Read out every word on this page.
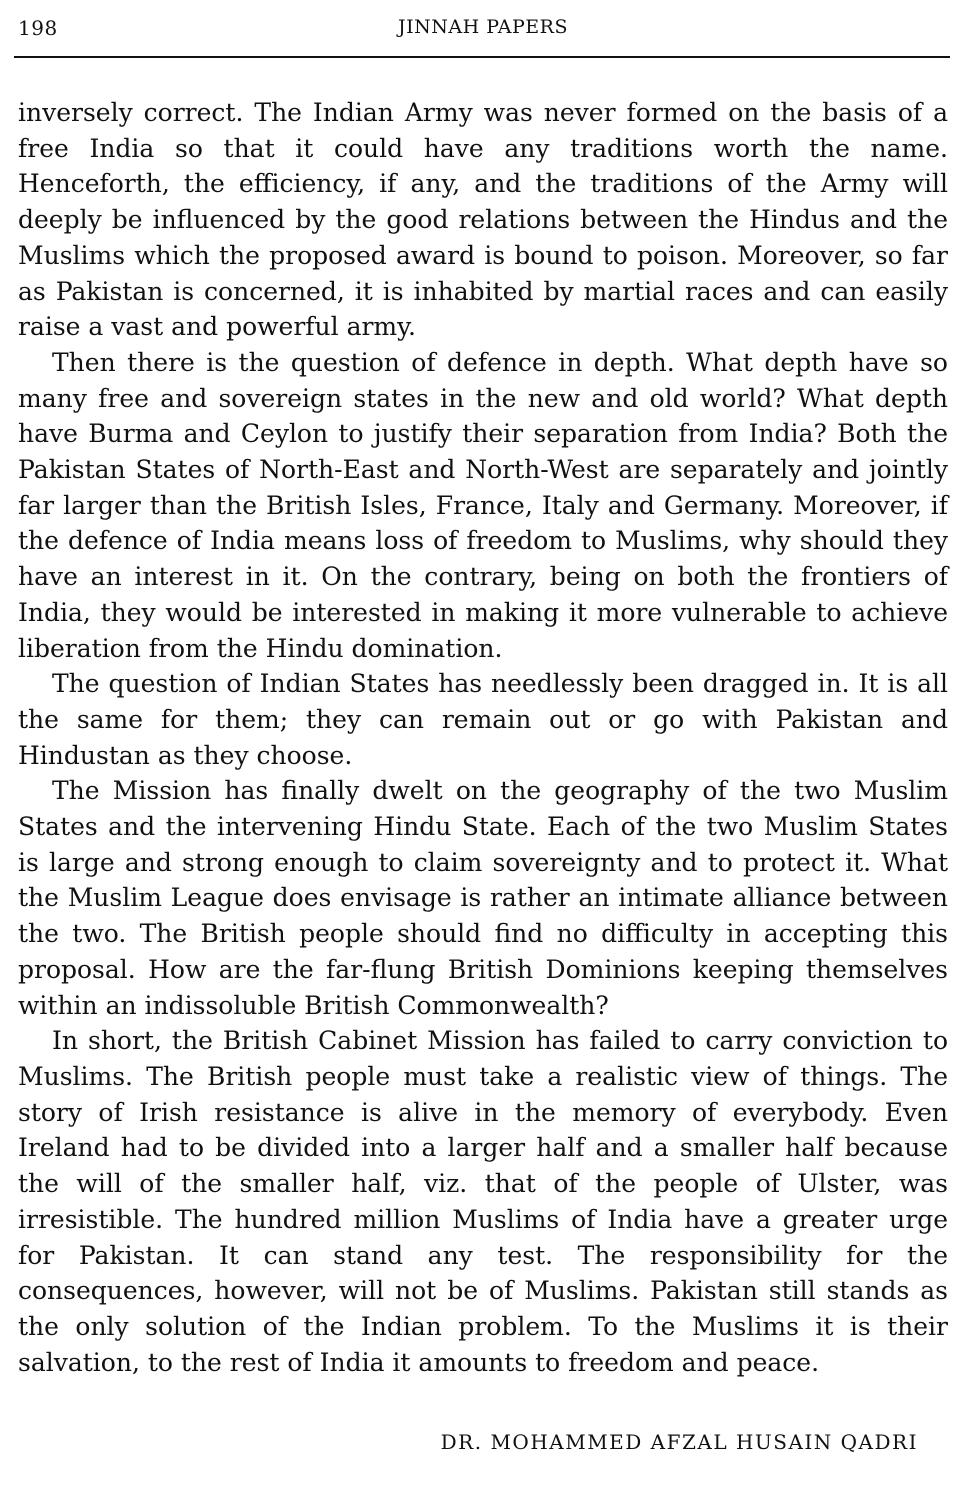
198	JINNAH PAPERS

inversely correct. The Indian Army was never formed on the basis of a free India so that it could have any traditions worth the name. Henceforth, the efficiency, if any, and the traditions of the Army will deeply be influenced by the good relations between the Hindus and the Muslims which the proposed award is bound to poison. Moreover, so far as Pakistan is concerned, it is inhabited by martial races and can easily raise a vast and powerful army.

Then there is the question of defence in depth. What depth have so many free and sovereign states in the new and old world? What depth have Burma and Ceylon to justify their separation from India? Both the Pakistan States of North-East and North-West are separately and jointly far larger than the British Isles, France, Italy and Germany. Moreover, if the defence of India means loss of freedom to Muslims, why should they have an interest in it. On the contrary, being on both the frontiers of India, they would be interested in making it more vulnerable to achieve liberation from the Hindu domination.

The question of Indian States has needlessly been dragged in. It is all the same for them; they can remain out or go with Pakistan and Hindustan as they choose.

The Mission has finally dwelt on the geography of the two Muslim States and the intervening Hindu State. Each of the two Muslim States is large and strong enough to claim sovereignty and to protect it. What the Muslim League does envisage is rather an intimate alliance between the two. The British people should find no difficulty in accepting this proposal. How are the far-flung British Dominions keeping themselves within an indissoluble British Commonwealth?

In short, the British Cabinet Mission has failed to carry conviction to Muslims. The British people must take a realistic view of things. The story of Irish resistance is alive in the memory of everybody. Even Ireland had to be divided into a larger half and a smaller half because the will of the smaller half, viz. that of the people of Ulster, was irresistible. The hundred million Muslims of India have a greater urge for Pakistan. It can stand any test. The responsibility for the consequences, however, will not be of Muslims. Pakistan still stands as the only solution of the Indian problem. To the Muslims it is their salvation, to the rest of India it amounts to freedom and peace.

DR. MOHAMMED AFZAL HUSAIN QADRI
